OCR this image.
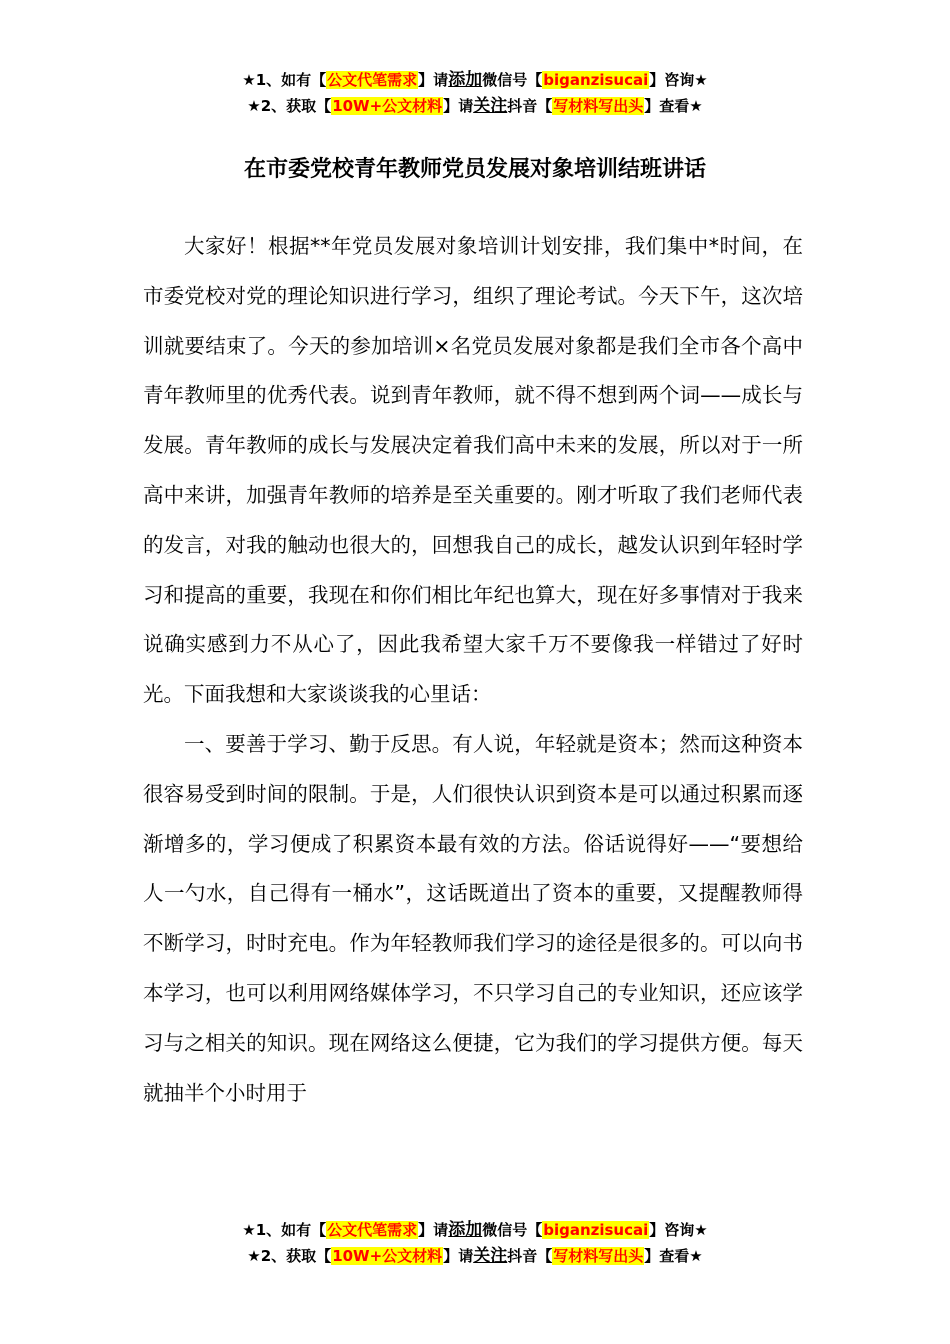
★1、如有【公文代笔需求】请添加微信号【biganzisucai】咨询★
★2、获取【10W+公文材料】请关注抖音【写材料写出头】查看★
在市委党校青年教师党员发展对象培训结班讲话

大家好！根据**年党员发展对象培训计划安排，我们集中*时间，在市委党校对党的理论知识进行学习，组织了理论考试。今天下午，这次培训就要结束了。今天的参加培训×名党员发展对象都是我们全市各个高中青年教师里的优秀代表。说到青年教师，就不得不想到两个词——成长与发展。青年教师的成长与发展决定着我们高中未来的发展，所以对于一所高中来讲，加强青年教师的培养是至关重要的。刚才听取了我们老师代表的发言，对我的触动也很大的，回想我自己的成长，越发认识到年轻时学习和提高的重要，我现在和你们相比年纪也算大，现在好多事情对于我来说确实感到力不从心了，因此我希望大家千万不要像我一样错过了好时光。下面我想和大家谈谈我的心里话：

一、要善于学习、勤于反思。有人说，年轻就是资本；然而这种资本很容易受到时间的限制。于是，人们很快认识到资本是可以通过积累而逐渐增多的，学习便成了积累资本最有效的方法。俗话说得好——“要想给人一勺水，自己得有一桶水”，这话既道出了资本的重要，又提醒教师得不断学习，时时充电。作为年轻教师我们学习的途径是很多的。可以向书本学习，也可以利用网络媒体学习，不只学习自己的专业知识，还应该学习与之相关的知识。现在网络这么便捷，它为我们的学习提供方便。每天就抽半个小时用于

★1、如有【公文代笔需求】请添加微信号【biganzisucai】咨询★
★2、获取【10W+公文材料】请关注抖音【写材料写出头】查看★
